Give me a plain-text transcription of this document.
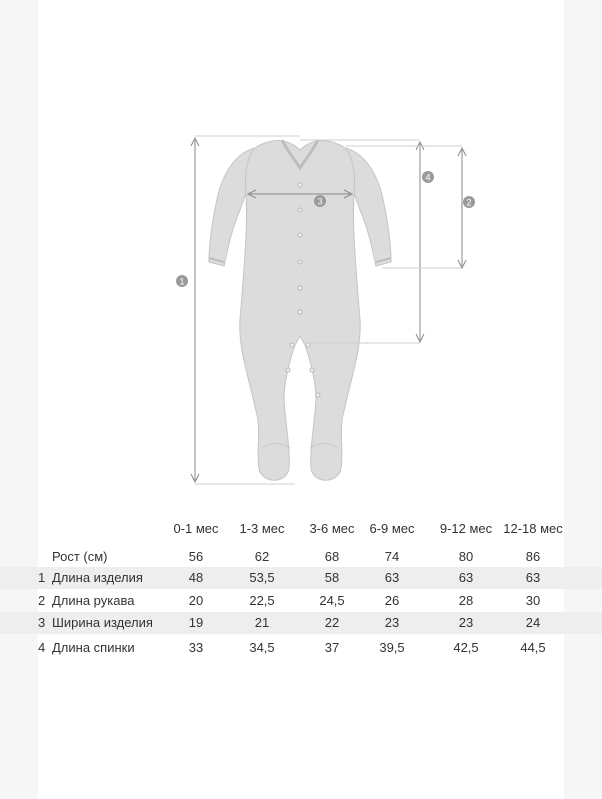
1
2
3
4
0-1 мес	1-3 мес	3-6 мес	6-9 мес	9-12 мес 12-18 мес
Рост (см)	56	62	68	74	80	86
1 Длина изделия	48	53,5	58	63	63	63
2 Длина рукава	20	22,5	24,5	26	28	30
3 Ширина изделия	19	21	22	23	23	24
4 Длина спинки	33	34,5	37	39,5	42,5	44,5
